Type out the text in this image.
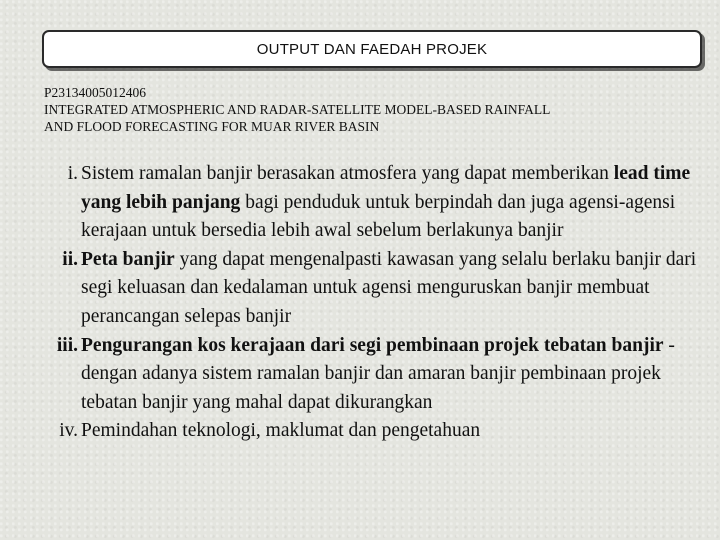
OUTPUT DAN FAEDAH PROJEK
P23134005012406
INTEGRATED ATMOSPHERIC AND RADAR-SATELLITE MODEL-BASED RAINFALL
AND FLOOD FORECASTING FOR MUAR RIVER BASIN
i. Sistem ramalan banjir berasakan atmosfera yang dapat memberikan lead time yang lebih panjang bagi penduduk untuk berpindah dan juga agensi-agensi kerajaan untuk bersedia lebih awal sebelum berlakunya banjir
ii. Peta banjir yang dapat mengenalpasti kawasan yang selalu berlaku banjir dari segi keluasan dan kedalaman untuk agensi menguruskan banjir membuat perancangan selepas banjir
iii. Pengurangan kos kerajaan dari segi pembinaan projek tebatan banjir - dengan adanya sistem ramalan banjir dan amaran banjir pembinaan projek tebatan banjir yang mahal dapat dikurangkan
iv. Pemindahan teknologi, maklumat dan pengetahuan
